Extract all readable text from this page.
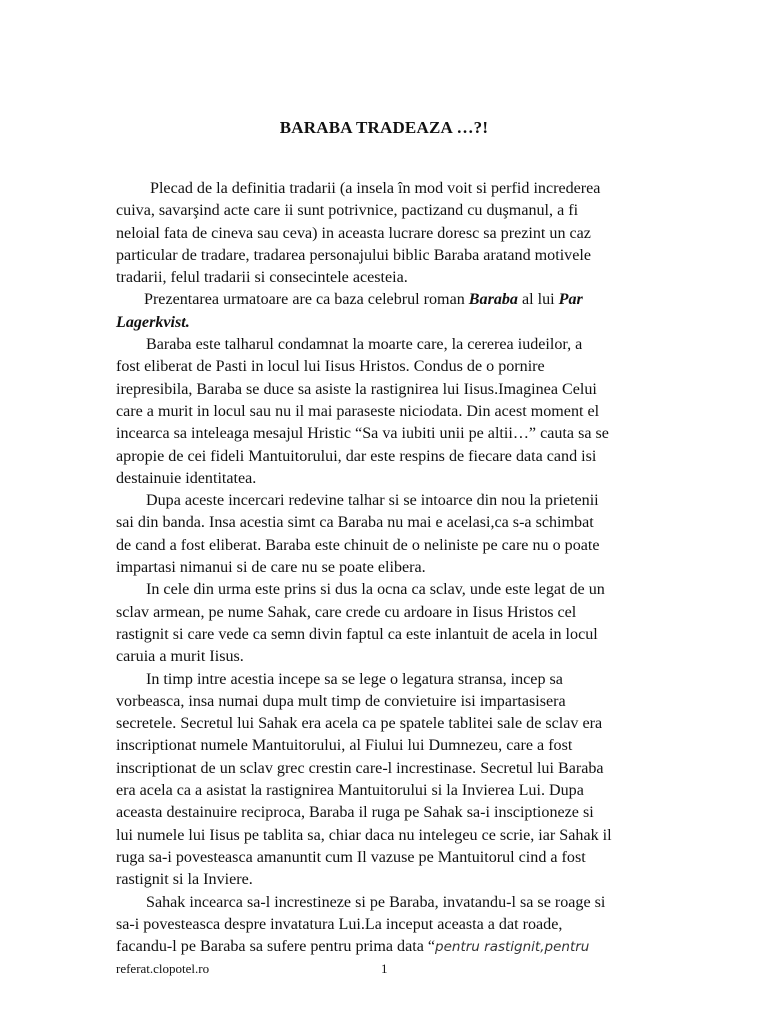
BARABA TRADEAZA …?!
Plecad de la definitia tradarii (a insela în mod voit si perfid increderea
cuiva, savarşind acte care ii sunt potrivnice, pactizand cu duşmanul, a fi
neloial fata de cineva sau ceva) in aceasta lucrare doresc sa prezint un caz
particular de tradare, tradarea personajului biblic Baraba aratand motivele
tradarii, felul tradarii si consecintele acesteia.
Prezentarea urmatoare are ca baza celebrul roman Baraba al lui Par
Lagerkvist.
Baraba este talharul condamnat la moarte care, la cererea iudeilor, a
fost eliberat de Pasti in locul lui Iisus Hristos. Condus de o pornire
irepresibila, Baraba se duce sa asiste la rastignirea lui Iisus.Imaginea Celui
care a murit in locul sau nu il mai paraseste niciodata. Din acest moment el
incearca sa inteleaga mesajul Hristic “Sa va iubiti unii pe altii…” cauta sa se
apropie de cei fideli Mantuitorului, dar este respins de fiecare data cand isi
destainuie identitatea.
Dupa aceste incercari redevine talhar si se intoarce din nou la prietenii
sai din banda. Insa acestia simt ca Baraba nu mai e acelasi,ca s-a schimbat
de cand a fost eliberat. Baraba este chinuit de o neliniste pe care nu o poate
impartasi nimanui si de care nu se poate elibera.
In cele din urma este prins si dus la ocna ca sclav, unde este legat de un
sclav armean, pe nume Sahak, care crede cu ardoare in Iisus Hristos cel
rastignit si care vede ca semn divin faptul ca este inlantuit de acela in locul
caruia a murit Iisus.
In timp intre acestia incepe sa se lege o legatura stransa, incep sa
vorbeasca, insa numai dupa mult timp de convietuire isi impartasisera
secretele. Secretul lui Sahak era acela ca pe spatele tablitei sale de sclav era
inscriptionat numele Mantuitorului, al Fiului lui Dumnezeu, care a fost
inscriptionat de un sclav grec crestin care-l increstinase. Secretul lui Baraba
era acela ca a asistat la rastignirea Mantuitorului si la Invierea Lui. Dupa
aceasta destainuire reciproca, Baraba il ruga pe Sahak sa-i insciptioneze si
lui numele lui Iisus pe tablita sa, chiar daca nu intelegeu ce scrie, iar Sahak il
ruga sa-i povesteasca amanuntit cum Il vazuse pe Mantuitorul cind a fost
rastignit si la Inviere.
Sahak incearca sa-l increstineze si pe Baraba, invatandu-l sa se roage si
sa-i povesteasca despre invatatura Lui.La inceput aceasta a dat roade,
facandu-l pe Baraba sa sufere pentru prima data “pentru rastignit,pentru
referat.clopotel.ro	1
